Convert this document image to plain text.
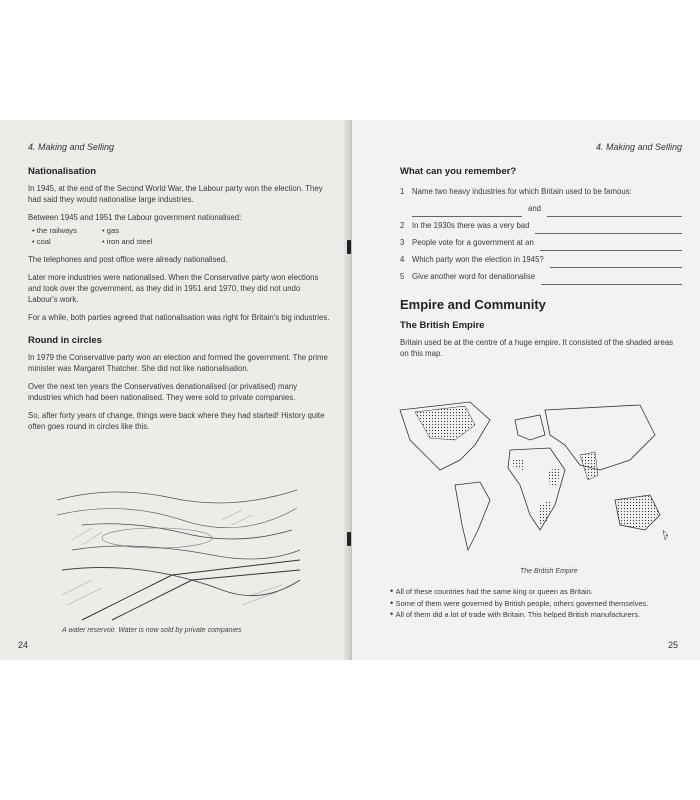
4. Making and Selling
Nationalisation

In 1945, at the end of the Second World War, the Labour party won the election. They had said they would nationalise large industries.

Between 1945 and 1951 the Labour government nationalised:

• the railways	• gas
• coal	• iron and steel

The telephones and post office were already nationalised.

Later more industries were nationalised. When the Conservative party won elections and took over the government, as they did in 1951 and 1970, they did not undo Labour's work.

For a while, both parties agreed that nationalisation was right for Britain's big industries.

Round in circles

In 1979 the Conservative party won an election and formed the government. The prime minister was Margaret Thatcher. She did not like nationalisation.

Over the next ten years the Conservatives denationalised (or privatised) many industries which had been nationalised. They were sold to private companies.

So, after forty years of change, things were back where they had started! History quite often goes round in circles like this.

4. Making and Selling
What can you remember?
1 Name two heavy industries for which Britain used to be famous:
and
2 In the 1930s there was a very bad
3 People vote for a government at an
4 Which party won the election in 1945?
5 Give another word for denationalise
Empire and Community
The British Empire

Britain used be at the centre of a huge empire. It consisted of the shaded areas on this map.

A water reservoir. Water is now sold by private companies
24
The British Empire
• All of these countries had the same king or queen as Britain.
• Some of them were governed by British people, others governed themselves.
• All of them did a lot of trade with Britain. This helped British manufacturers.
25
